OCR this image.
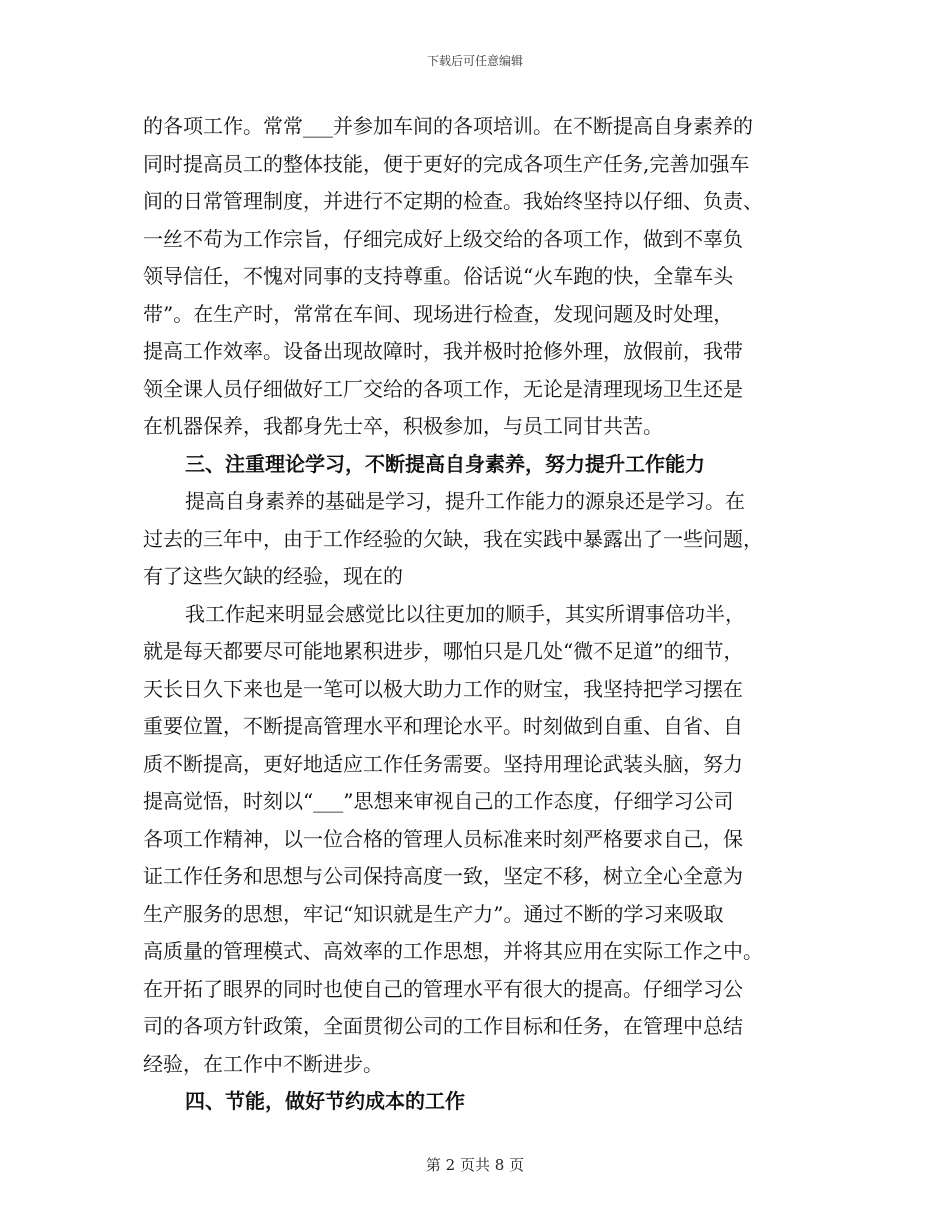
下载后可任意编辑
的各项工作。常常___并参加车间的各项培训。在不断提高自身素养的
同时提高员工的整体技能，便于更好的完成各项生产任务,完善加强车
间的日常管理制度，并进行不定期的检查。我始终坚持以仔细、负责、
一丝不苟为工作宗旨，仔细完成好上级交给的各项工作，做到不辜负
领导信任，不愧对同事的支持尊重。俗话说“火车跑的快，全靠车头
带”。在生产时，常常在车间、现场进行检查，发现问题及时处理，
提高工作效率。设备出现故障时，我并极时抢修外理，放假前，我带
领全课人员仔细做好工厂交给的各项工作，无论是清理现场卫生还是
在机器保养，我都身先士卒，积极参加，与员工同甘共苦。
三、注重理论学习，不断提高自身素养，努力提升工作能力
提高自身素养的基础是学习，提升工作能力的源泉还是学习。在
过去的三年中，由于工作经验的欠缺，我在实践中暴露出了一些问题，
有了这些欠缺的经验，现在的
我工作起来明显会感觉比以往更加的顺手，其实所谓事倍功半，
就是每天都要尽可能地累积进步，哪怕只是几处“微不足道”的细节，
天长日久下来也是一笔可以极大助力工作的财宝，我坚持把学习摆在
重要位置，不断提高管理水平和理论水平。时刻做到自重、自省、自
质不断提高，更好地适应工作任务需要。坚持用理论武装头脑，努力
提高觉悟，时刻以“___”思想来审视自己的工作态度，仔细学习公司
各项工作精神，以一位合格的管理人员标准来时刻严格要求自己，保
证工作任务和思想与公司保持高度一致，坚定不移，树立全心全意为
生产服务的思想，牢记“知识就是生产力”。通过不断的学习来吸取
高质量的管理模式、高效率的工作思想，并将其应用在实际工作之中。
在开拓了眼界的同时也使自己的管理水平有很大的提高。仔细学习公
司的各项方针政策，全面贯彻公司的工作目标和任务，在管理中总结
经验，在工作中不断进步。
四、节能，做好节约成本的工作
第 2 页共 8 页
